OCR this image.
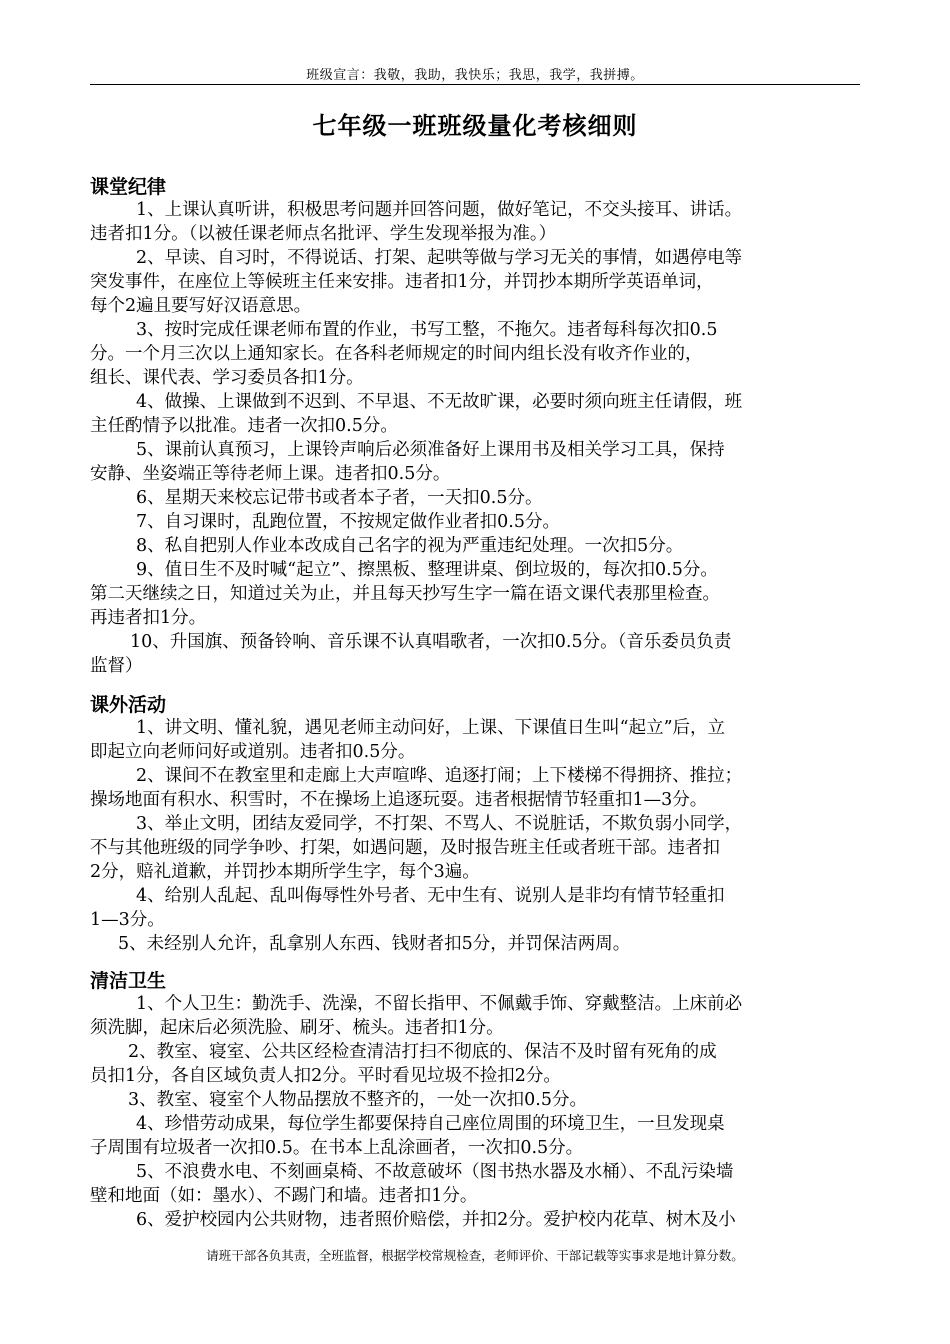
班级宣言：我敬，我助，我快乐；我思，我学，我拼搏。
七年级一班班级量化考核细则
课堂纪律
1、上课认真听讲，积极思考问题并回答问题，做好笔记，不交头接耳、讲话。
违者扣1分。（以被任课老师点名批评、学生发现举报为准。）
2、早读、自习时，不得说话、打架、起哄等做与学习无关的事情，如遇停电等
突发事件，在座位上等候班主任来安排。违者扣1分，并罚抄本期所学英语单词，
每个2遍且要写好汉语意思。
3、按时完成任课老师布置的作业，书写工整，不拖欠。违者每科每次扣0.5
分。一个月三次以上通知家长。在各科老师规定的时间内组长没有收齐作业的，
组长、课代表、学习委员各扣1分。
4、做操、上课做到不迟到、不早退、不无故旷课，必要时须向班主任请假，班
主任酌情予以批准。违者一次扣0.5分。
5、课前认真预习，上课铃声响后必须准备好上课用书及相关学习工具，保持
安静、坐姿端正等待老师上课。违者扣0.5分。
6、星期天来校忘记带书或者本子者，一天扣0.5分。
7、自习课时，乱跑位置，不按规定做作业者扣0.5分。
8、私自把别人作业本改成自己名字的视为严重违纪处理。一次扣5分。
9、值日生不及时喊“起立”、擦黑板、整理讲桌、倒垃圾的，每次扣0.5分。
第二天继续之日，知道过关为止，并且每天抄写生字一篇在语文课代表那里检查。
再违者扣1分。
10、升国旗、预备铃响、音乐课不认真唱歌者，一次扣0.5分。（音乐委员负责
监督）
课外活动
1、讲文明、懂礼貌，遇见老师主动问好，上课、下课值日生叫“起立”后，立
即起立向老师问好或道别。违者扣0.5分。
2、课间不在教室里和走廊上大声喧哗、追逐打闹；上下楼梯不得拥挤、推拉；
操场地面有积水、积雪时，不在操场上追逐玩耍。违者根据情节轻重扣1—3分。
3、举止文明，团结友爱同学，不打架、不骂人、不说脏话，不欺负弱小同学，
不与其他班级的同学争吵、打架，如遇问题，及时报告班主任或者班干部。违者扣
2分，赔礼道歉，并罚抄本期所学生字，每个3遍。
4、给别人乱起、乱叫侮辱性外号者、无中生有、说别人是非均有情节轻重扣
1—3分。
5、未经别人允许，乱拿别人东西、钱财者扣5分，并罚保洁两周。
清洁卫生
1、个人卫生：勤洗手、洗澡，不留长指甲、不佩戴手饰、穿戴整洁。上床前必
须洗脚，起床后必须洗脸、刷牙、梳头。违者扣1分。
2、教室、寝室、公共区经检查清洁打扫不彻底的、保洁不及时留有死角的成
员扣1分，各自区域负责人扣2分。平时看见垃圾不捡扣2分。
3、教室、寝室个人物品摆放不整齐的，一处一次扣0.5分。
4、珍惜劳动成果，每位学生都要保持自己座位周围的环境卫生，一旦发现桌
子周围有垃圾者一次扣0.5。在书本上乱涂画者，一次扣0.5分。
5、不浪费水电、不刻画桌椅、不故意破坏（图书热水器及水桶）、不乱污染墙
壁和地面（如：墨水）、不踢门和墙。违者扣1分。
6、爱护校园内公共财物，违者照价赔偿，并扣2分。爱护校内花草、树木及小
请班干部各负其责，全班监督，根据学校常规检查，老师评价、干部记载等实事求是地计算分数。
